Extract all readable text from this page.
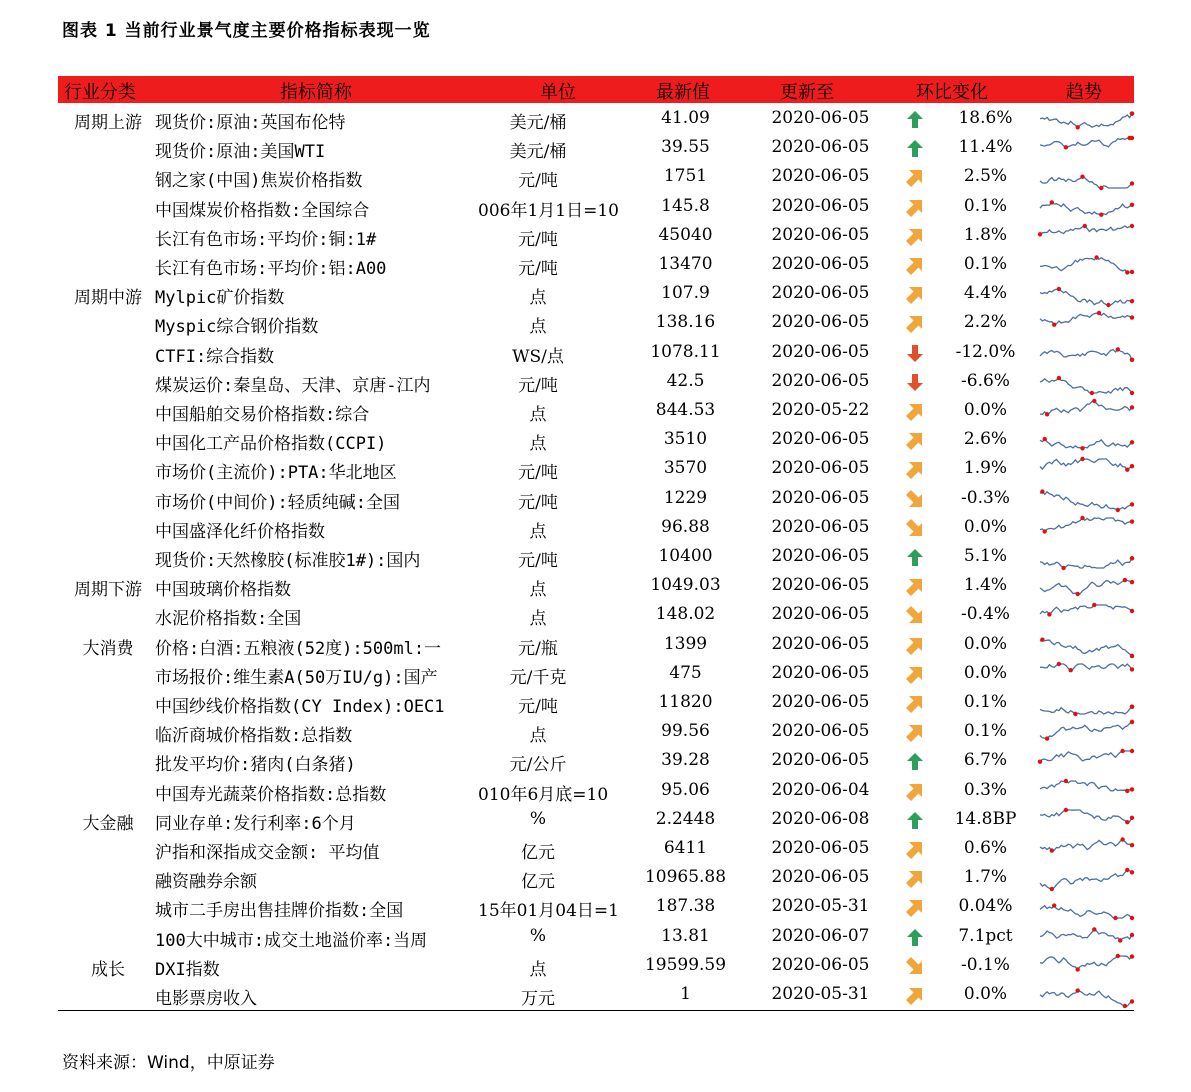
图表 1 当前行业景气度主要价格指标表现一览
行业分类	指标简称	单位	最新值	更新至	环比变化	趋势
周期上游 现货价:原油:英国布伦特	美元/桶	41.09	2020-06-05	18.6%
现货价:原油:美国WTI	美元/桶	39.55	2020-06-05	11.4%
钢之家(中国)焦炭价格指数	元/吨	1751	2020-06-05	2.5%
中国煤炭价格指数:全国综合	006年1月1日=10	145.8	2020-06-05	0.1%
长江有色市场:平均价:铜:1#	元/吨	45040	2020-06-05	1.8%
长江有色市场:平均价:铝:A00	元/吨	13470	2020-06-05	0.1%
周期中游 Mylpic矿价指数	点	107.9	2020-06-05	4.4%
Myspic综合钢价指数	点	138.16	2020-06-05	2.2%
CTFI:综合指数	WS/点	1078.11	2020-06-05	-12.0%
煤炭运价:秦皇岛、天津、京唐-江内	元/吨	42.5	2020-06-05	-6.6%
中国船舶交易价格指数:综合	点	844.53	2020-05-22	0.0%
中国化工产品价格指数(CCPI)	点	3510	2020-06-05	2.6%
市场价(主流价):PTA:华北地区	元/吨	3570	2020-06-05	1.9%
市场价(中间价):轻质纯碱:全国	元/吨	1229	2020-06-05	-0.3%
中国盛泽化纤价格指数	点	96.88	2020-06-05	0.0%
现货价:天然橡胶(标准胶1#):国内	元/吨	10400	2020-06-05	5.1%
周期下游 中国玻璃价格指数	点	1049.03	2020-06-05	1.4%
水泥价格指数:全国	点	148.02	2020-06-05	-0.4%
大消费	价格:白酒:五粮液(52度):500ml:一	元/瓶	1399	2020-06-05	0.0%
市场报价:维生素A(50万IU/g):国产	元/千克	475	2020-06-05	0.0%
中国纱线价格指数(CY Index):OEC1	元/吨	11820	2020-06-05	0.1%
临沂商城价格指数:总指数	点	99.56	2020-06-05	0.1%
批发平均价:猪肉(白条猪)	元/公斤	39.28	2020-06-05	6.7%
中国寿光蔬菜价格指数:总指数	010年6月底=10	95.06	2020-06-04	0.3%
大金融	同业存单:发行利率:6个月	%	2.2448	2020-06-08	14.8BP
沪指和深指成交金额: 平均值	亿元	6411	2020-06-05	0.6%
融资融券余额	亿元	10965.88	2020-06-05	1.7%
城市二手房出售挂牌价指数:全国	15年01月04日=1	187.38	2020-05-31	0.04%
100大中城市:成交土地溢价率:当周	%	13.81	2020-06-07	7.1pct
成长	DXI指数	点	19599.59	2020-06-05	-0.1%
电影票房收入	万元	1	2020-05-31	0.0%
资料来源：Wind，中原证券
